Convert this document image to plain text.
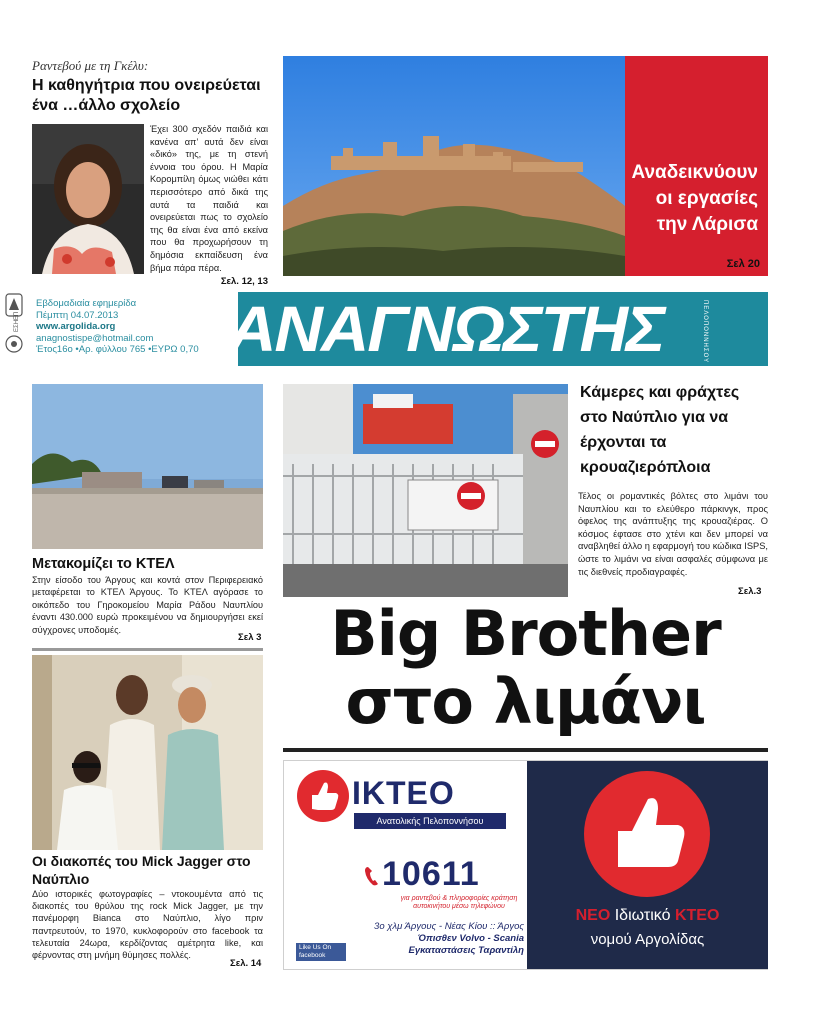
Ραντεβού με τη Γκέλυ:
Η καθηγήτρια που ονειρεύεται ένα …άλλο σχολείο
Έχει 300 σχεδόν παιδιά και κανένα απ’ αυτά δεν είναι «δικό» της, με τη στενή έννοια του όρου. Η Μαρία Κορομπίλη όμως νιώθει κάτι περισσότερο από δικά της αυτά τα παιδιά και ονειρεύεται πως το σχολείο της θα είναι ένα από εκείνα που θα προχωρήσουν τη δημόσια εκπαίδευση ένα βήμα πάρα πέρα.
Σελ. 12, 13
Αναδεικνύουν οι εργασίες την Λάρισα
Σελ 20
ΕΣΗΕΠ
Εβδομαδιαία εφημερίδα
Πέμπτη 04.07.2013
www.argolida.org
anagnostispe@hotmail.com
Έτος16ο •Αρ. φύλλου 765 •ΕΥΡΩ 0,70 ΑΝΑΓΝΩΣΤΗΣ	ΠΕΛΟΠΟΝΝΗΣΟΥ
Μετακομίζει το ΚΤΕΛ
Στην είσοδο του Άργους και κοντά στον Περιφερειακό μεταφέρεται το ΚΤΕΛ Άργους. Το ΚΤΕΛ αγόρασε το οικόπεδο του Γηροκομείου Μαρία Ράδου Ναυπλίου έναντι 430.000 ευρώ προκειμένου να δημιουργήσει εκεί σύγχρονες υποδομές.
Σελ 3
Οι διακοπές του Mick Jagger στο Ναύπλιο
Δύο ιστορικές φωτογραφίες – ντοκουμέντα από τις διακοπές του θρύλου της rock Mick Jagger, με την πανέμορφη Bianca στο Ναύπλιο, λίγο πριν παντρευτούν, το 1970, κυκλοφορούν στο facebook τα τελευταία 24ωρα, κερδίζοντας αμέτρητα like, και φέρνοντας στη μνήμη θύμησες πολλές.
Σελ. 14
Κάμερες και φράχτες στο Ναύπλιο για να έρχονται τα κρουαζιερόπλοια
Τέλος οι ρομαντικές βόλτες στο λιμάνι του Ναυπλίου και το ελεύθερο πάρκινγκ, προς όφελος της ανάπτυξης της κρουαζιέρας. Ο κόσμος έφτασε στο χτένι και δεν μπορεί να αναβληθεί άλλο η εφαρμογή του κώδικα ISPS, ώστε το λιμάνι να είναι ασφαλές σύμφωνα με τις διεθνείς προδιαγραφές.
Σελ.3
Big Brother
στο λιμάνι
ΙΚΤΕΟ
Ανατολικής Πελοποννήσου
10611
για ραντεβού & πληροφορίες κράτηση αυτοκινήτου μέσω τηλεφώνου
3ο χλμ Άργους - Νέας Κίου :: Άργος
Όπισθεν Volvo - Scania
Εγκαταστάσεις Ταραντίλη
Like Us On facebook
ΝΕΟ Ιδιωτικό ΚΤΕΟ
νομού Αργολίδας
